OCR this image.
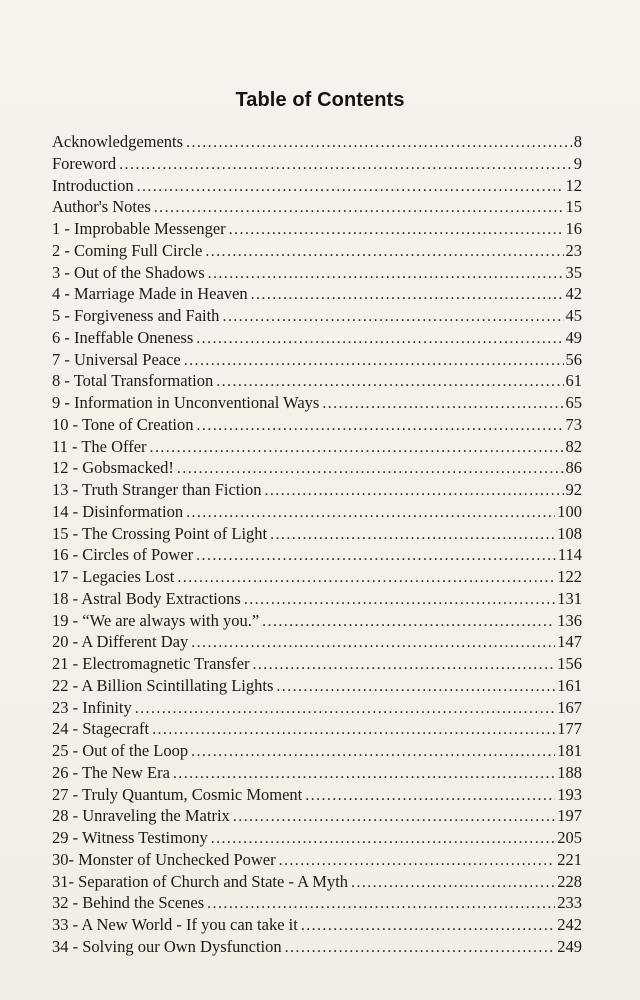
Table of Contents
Acknowledgements . . .	8
Foreword . . .	9
Introduction . . .	12
Author's Notes . . .	15
1 - Improbable Messenger . . .	16
2 - Coming Full Circle . . .	23
3 - Out of the Shadows . . .	35
4 - Marriage Made in Heaven . . .	42
5 - Forgiveness and Faith . . .	45
6 - Ineffable Oneness . . .	49
7 - Universal Peace . . .	56
8 - Total Transformation . . .	61
9 - Information in Unconventional Ways . . .	65
10 - Tone of Creation . . .	73
11 - The Offer . . .	82
12 - Gobsmacked! . . .	86
13 - Truth Stranger than Fiction . . .	92
14 - Disinformation . . .	100
15 - The Crossing Point of Light . . .	108
16 - Circles of Power . . .	114
17 - Legacies Lost . . .	122
18 - Astral Body Extractions . . .	131
19 - “We are always with you.” . . .	136
20 - A Different Day . . .	147
21 - Electromagnetic Transfer . . .	156
22 - A Billion Scintillating Lights . . .	161
23 - Infinity . . .	167
24 - Stagecraft . . .	177
25 - Out of the Loop . . .	181
26 - The New Era . . .	188
27 - Truly Quantum, Cosmic Moment . . .	193
28 - Unraveling the Matrix . . .	197
29 - Witness Testimony . . .	205
30- Monster of Unchecked Power . . .	221
31- Separation of Church and State - A Myth . . .	228
32 - Behind the Scenes . . .	233
33 - A New World - If you can take it . . .	242
34 - Solving our Own Dysfunction . . .	249
